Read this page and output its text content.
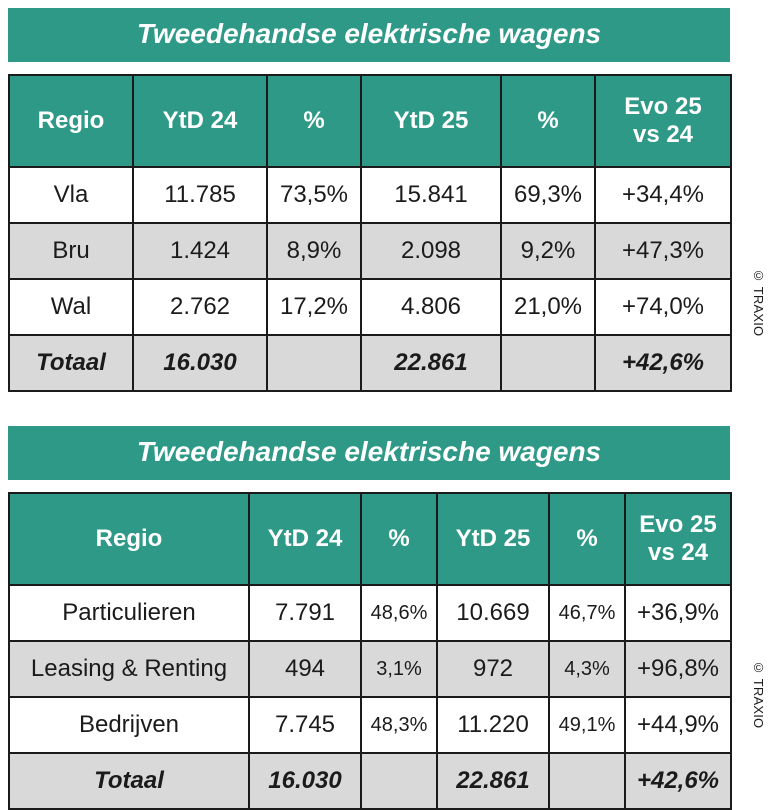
Tweedehandse elektrische wagens
Regio	YtD 24	%	YtD 25	%	Evo 25
vs 24

Vla	11.785	73,5%	15.841	69,3%	+34,4%
Bru	1.424	8,9%	2.098	9,2%	+47,3%
Wal	2.762	17,2%	4.806	21,0%	+74,0%
Totaal	16.030		22.861		+42,6%
Tweedehandse elektrische wagens
Regio	YtD 24	%	YtD 25	%	Evo 25
vs 24

Particulieren	7.791	48,6%	10.669	46,7%	+36,9%
Leasing & Renting	494	3,1%	972	4,3%	+96,8%
Bedrijven	7.745	48,3%	11.220	49,1%	+44,9%
Totaal	16.030		22.861		+42,6%
© TRAXIO
© TRAXIO
